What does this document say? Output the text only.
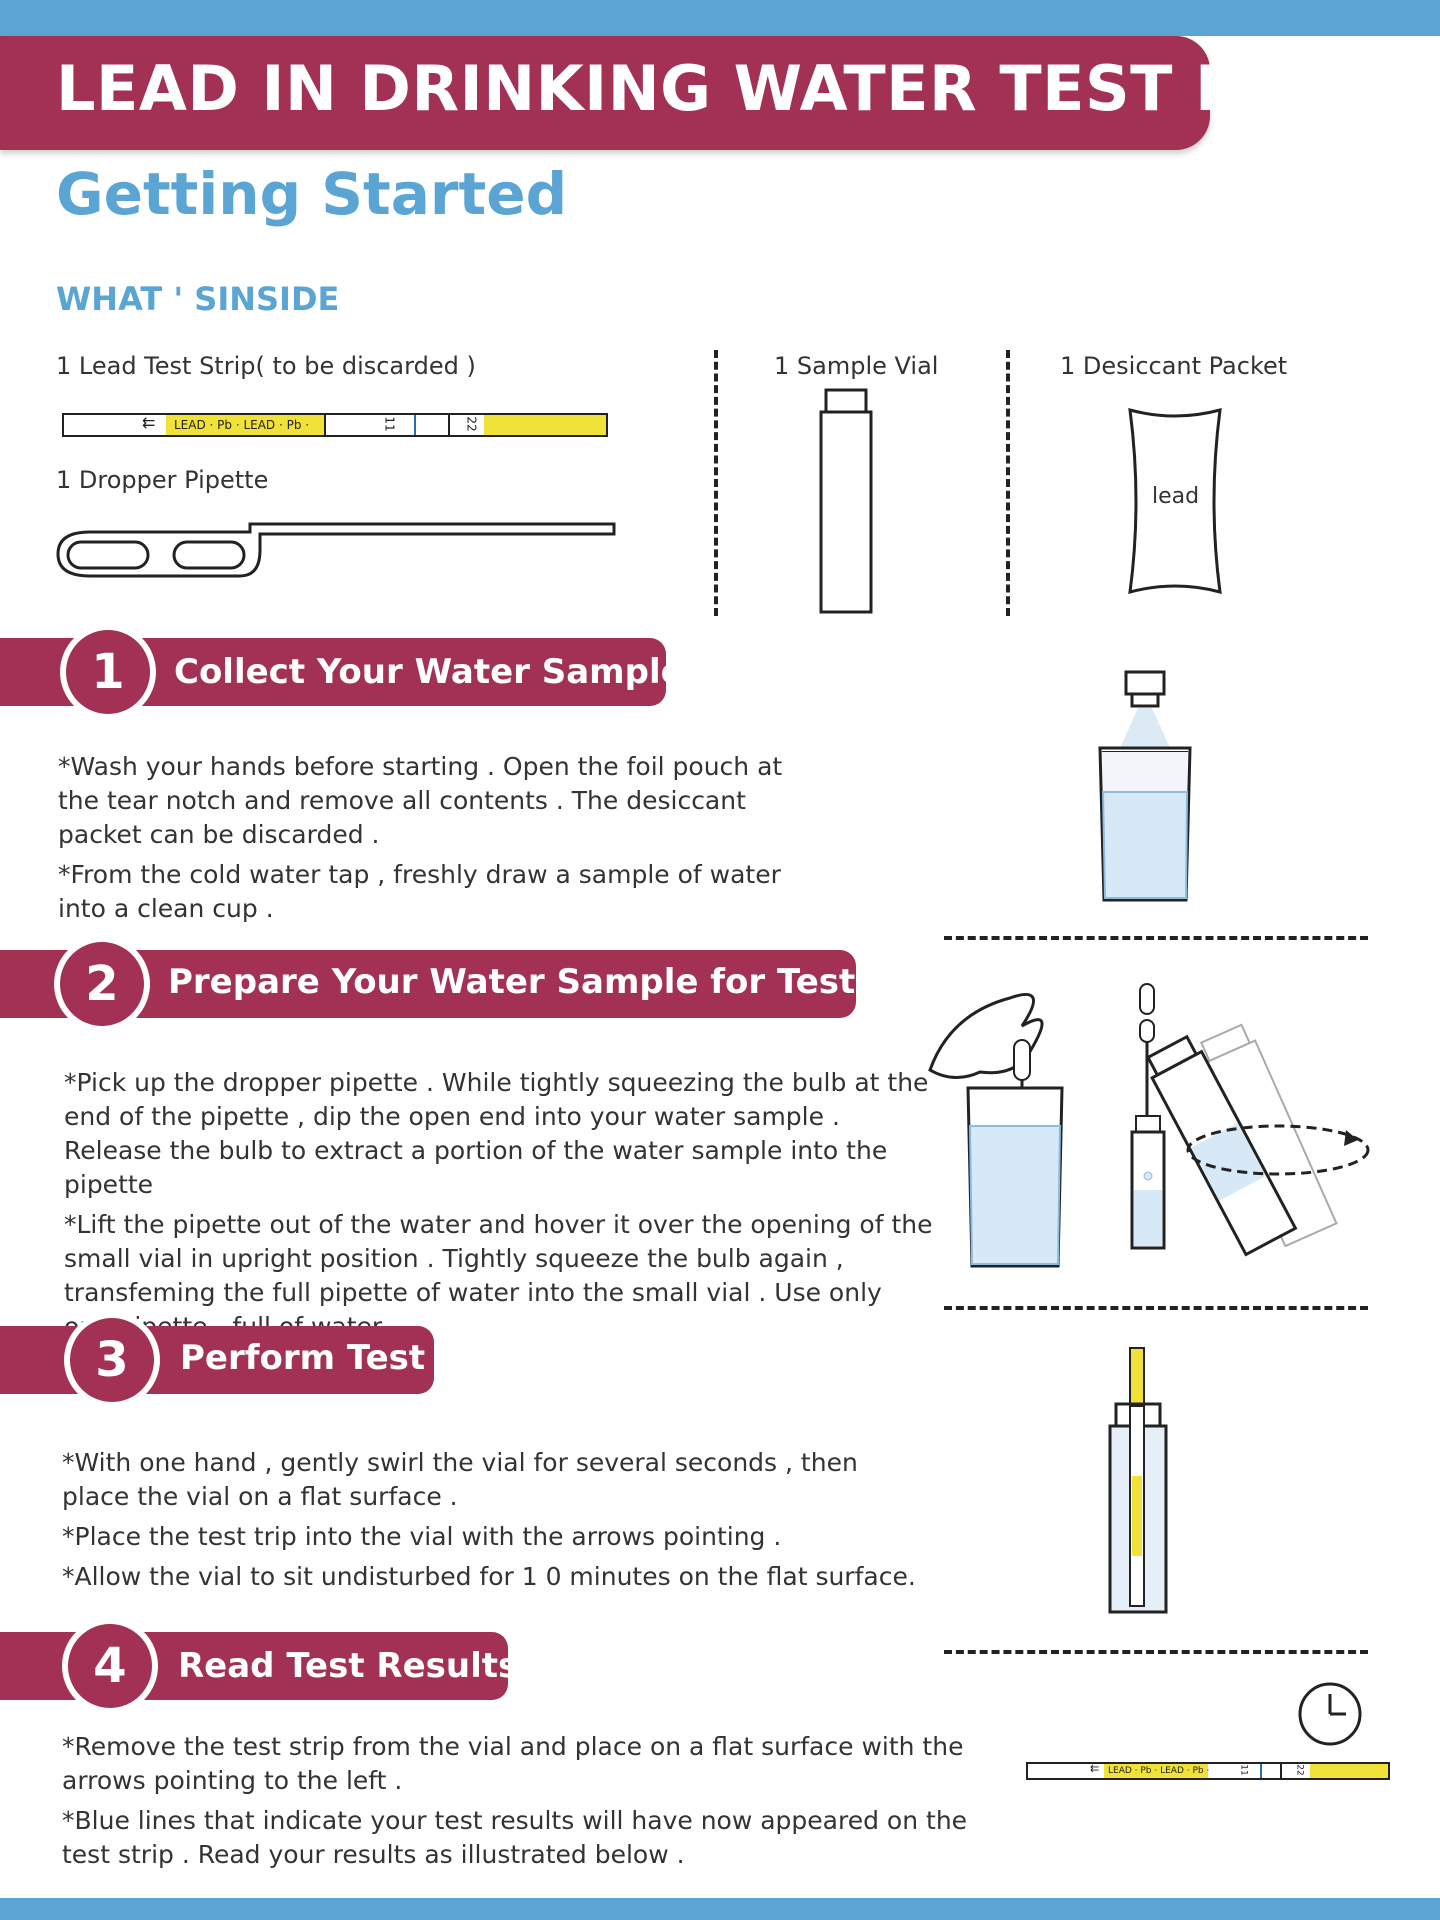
LEAD IN DRINKING WATER TEST KIT
Getting Started
WHAT ' SINSIDE
1 Lead Test Strip( to be discarded )
⇇	LEAD · Pb · LEAD · Pb ·	11	22
1 Dropper Pipette
1 Sample Vial	1 Desiccant Packet
lead
1	Collect Your Water Sample

*Wash your hands before starting . Open the foil pouch at the tear notch and remove all contents . The desiccant packet can be discarded .

*From the cold water tap , freshly draw a sample of water into a clean cup .

2	Prepare Your Water Sample for Testing

*Pick up the dropper pipette . While tightly squeezing the bulb at the end of the pipette , dip the open end into your water sample . Release the bulb to extract a portion of the water sample into the pipette

*Lift the pipette out of the water and hover it over the opening of the small vial in upright position . Tightly squeeze the bulb again , transfeming the full pipette of water into the small vial . Use only

3	Perform Test

*With one hand , gently swirl the vial for several seconds , then place the vial on a flat surface .

*Place the test trip into the vial with the arrows pointing .

*Allow the vial to sit undisturbed for 1 0 minutes on the flat surface.

4	Read Test Results

*Remove the test strip from the vial and place on a flat surface with the arrows pointing to the left .

*Blue lines that indicate your test results will have now appeared on the test strip . Read your results as illustrated below .

⇇ LEAD · Pb · LEAD · Pb ·	11	22
